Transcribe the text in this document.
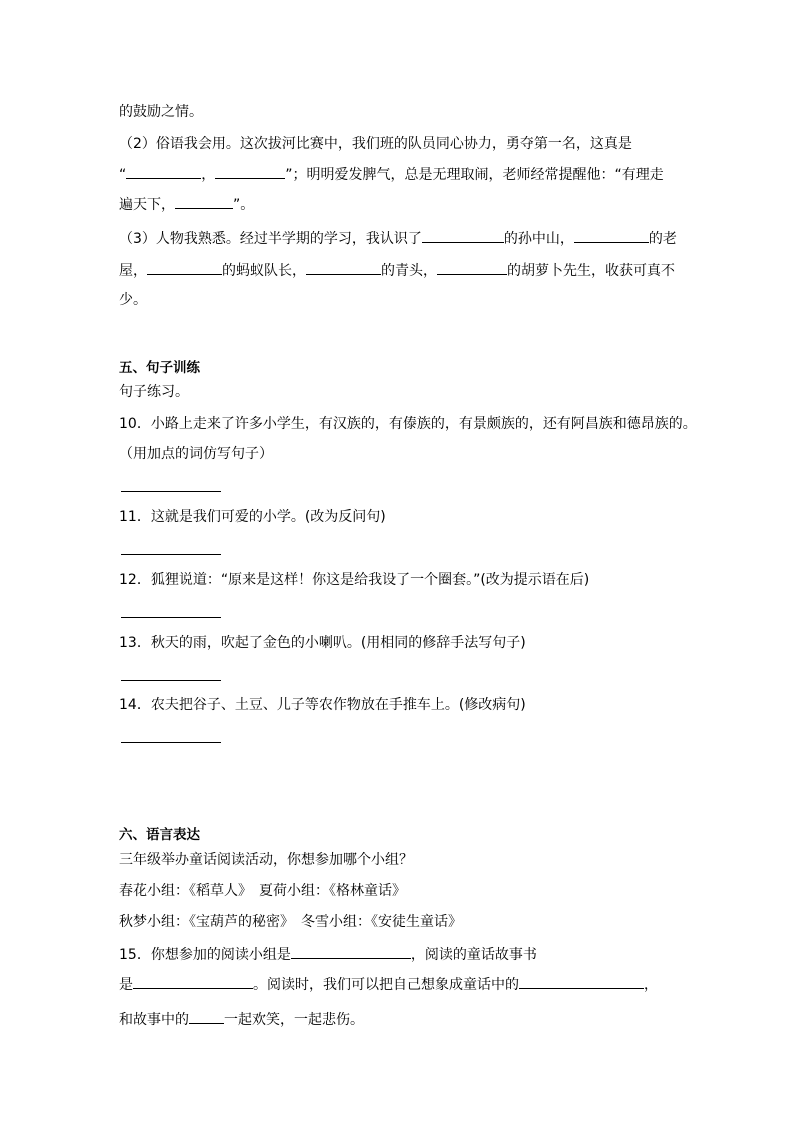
的鼓励之情。
（2）俗语我会用。这次拔河比赛中，我们班的队员同心协力，勇夺第一名，这真是
“	，	”；明明爱发脾气，总是无理取闹，老师经常提醒他：“有理走
遍天下，	”。
（3）人物我熟悉。经过半学期的学习，我认识了	的孙中山，	的老
屋，	的蚂蚁队长，	的青头，	的胡萝卜先生，收获可真不
少。
五、句子训练
句子练习。
10．小路上走来了许多小学生，有汉族的，有傣族的，有景颇族的，还有阿昌族和德昂族的。
（用加点的词仿写句子）
11．这就是我们可爱的小学。(改为反问句)
12．狐狸说道：“原来是这样！你这是给我设了一个圈套。”(改为提示语在后)
13．秋天的雨，吹起了金色的小喇叭。(用相同的修辞手法写句子)
14．农夫把谷子、土豆、儿子等农作物放在手推车上。(修改病句)
六、语言表达
三年级举办童话阅读活动，你想参加哪个小组？
春花小组：《稻草人》　夏荷小组：《格林童话》
秋梦小组：《宝葫芦的秘密》　冬雪小组：《安徒生童话》
15．你想参加的阅读小组是	，阅读的童话故事书
是	。阅读时，我们可以把自己想象成童话中的	，
和故事中的	一起欢笑，一起悲伤。
